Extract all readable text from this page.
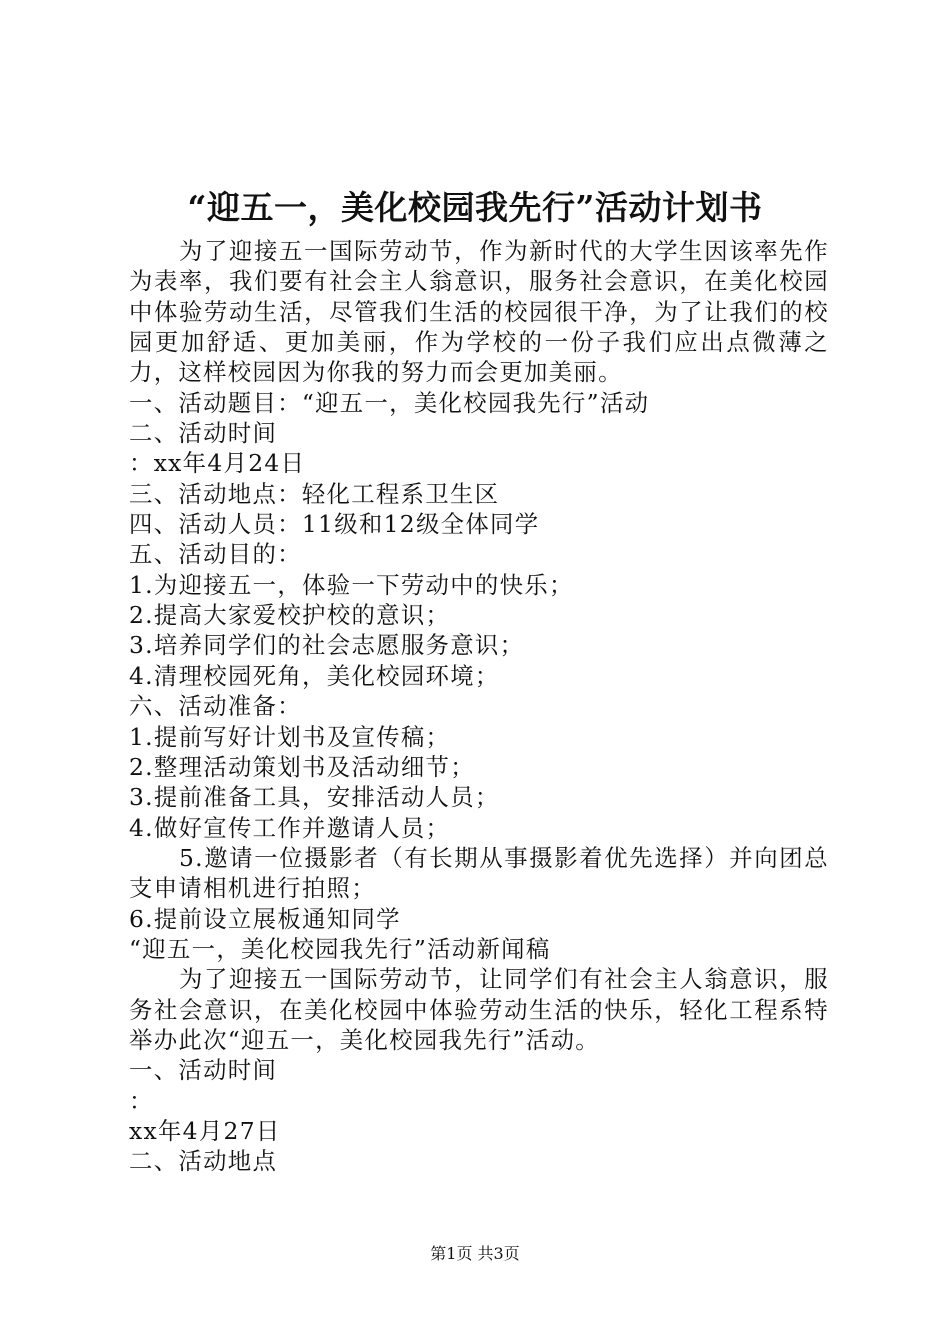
“迎五一，美化校园我先行”活动计划书

为了迎接五一国际劳动节，作为新时代的大学生因该率先作为表率，我们要有社会主人翁意识，服务社会意识，在美化校园中体验劳动生活，尽管我们生活的校园很干净，为了让我们的校园更加舒适、更加美丽，作为学校的一份子我们应出点微薄之力，这样校园因为你我的努力而会更加美丽。

一、活动题目：“迎五一，美化校园我先行”活动

二、活动时间

：xx年4月24日

三、活动地点：轻化工程系卫生区

四、活动人员：11级和12级全体同学

五、活动目的：

1.为迎接五一，体验一下劳动中的快乐；

2.提高大家爱校护校的意识；

3.培养同学们的社会志愿服务意识；

4.清理校园死角，美化校园环境；

六、活动准备：

1.提前写好计划书及宣传稿；

2.整理活动策划书及活动细节；

3.提前准备工具，安排活动人员；

4.做好宣传工作并邀请人员；

5.邀请一位摄影者（有长期从事摄影着优先选择）并向团总支申请相机进行拍照；

6.提前设立展板通知同学

“迎五一，美化校园我先行”活动新闻稿

为了迎接五一国际劳动节，让同学们有社会主人翁意识，服务社会意识，在美化校园中体验劳动生活的快乐，轻化工程系特举办此次“迎五一，美化校园我先行”活动。

一、活动时间

：

xx年4月27日

二、活动地点

第1页 共3页
